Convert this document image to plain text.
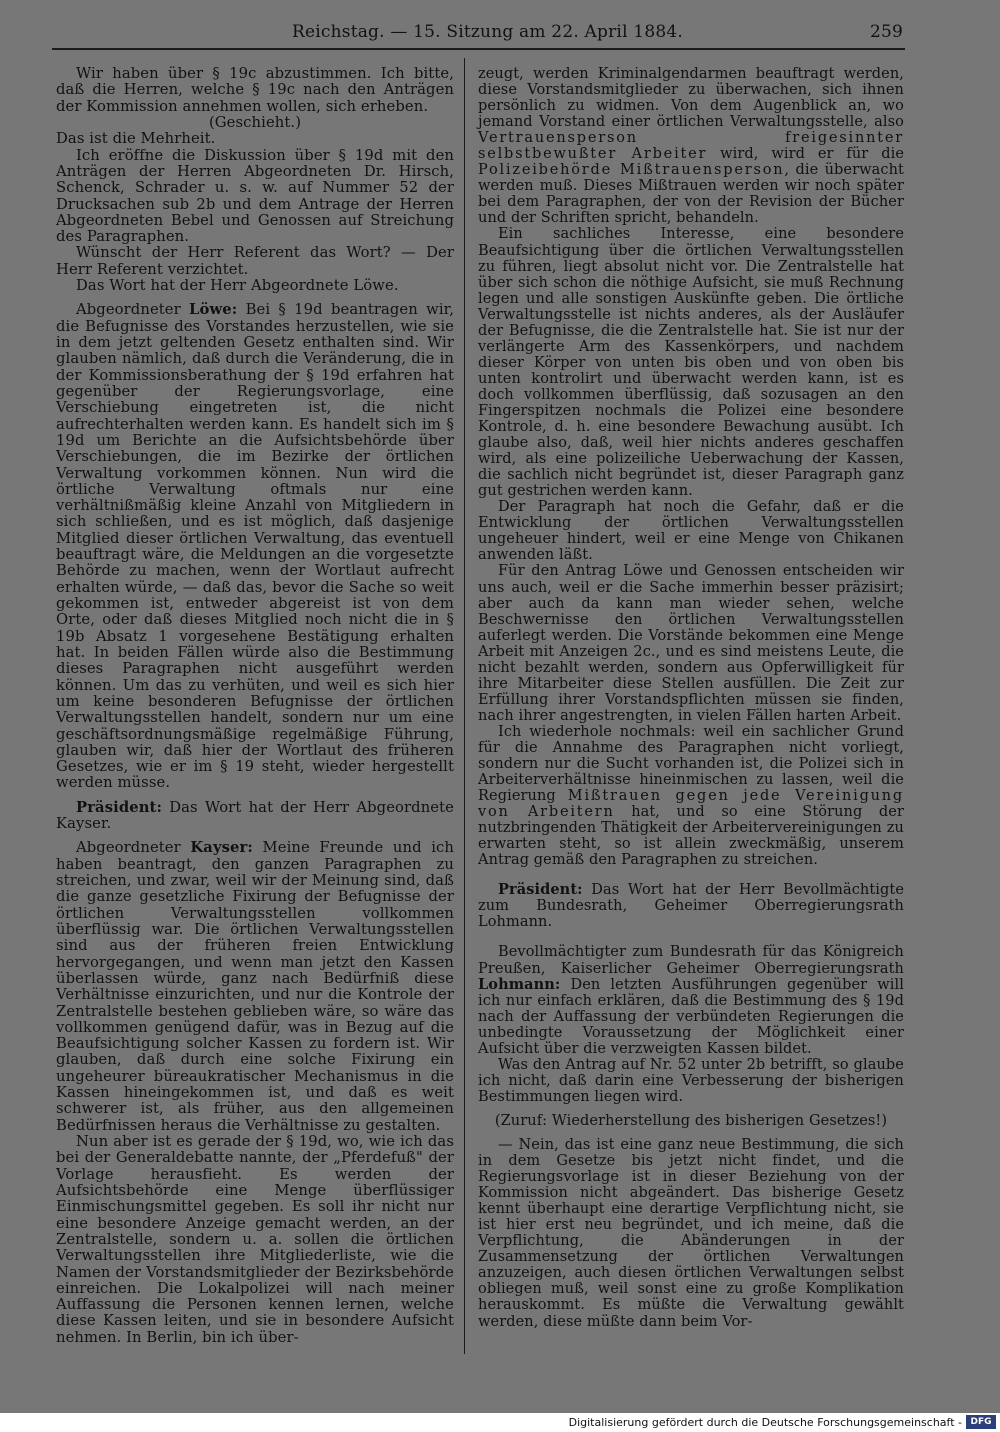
Reichstag. — 15. Sitzung am 22. April 1884.	259

Wir haben über § 19c abzustimmen. Ich bitte, daß die Herren, welche § 19c nach den Anträgen der Kommission annehmen wollen, sich erheben.

(Geschieht.)

Das ist die Mehrheit.

Ich eröffne die Diskussion über § 19d mit den Anträgen der Herren Abgeordneten Dr. Hirsch, Schenck, Schrader u. s. w. auf Nummer 52 der Drucksachen sub 2b und dem Antrage der Herren Abgeordneten Bebel und Genossen auf Streichung des Paragraphen.

Wünscht der Herr Referent das Wort? — Der Herr Referent verzichtet.

Das Wort hat der Herr Abgeordnete Löwe.

Abgeordneter Löwe: Bei § 19d beantragen wir, die Befugnisse des Vorstandes herzustellen, wie sie in dem jetzt geltenden Gesetz enthalten sind. Wir glauben nämlich, daß durch die Veränderung, die in der Kommissionsberathung der § 19d erfahren hat gegenüber der Regierungsvorlage, eine Verschiebung eingetreten ist, die nicht aufrechterhalten werden kann. Es handelt sich im § 19d um Berichte an die Aufsichtsbehörde über Verschiebungen, die im Bezirke der örtlichen Verwaltung vorkommen können. Nun wird die örtliche Verwaltung oftmals nur eine verhältnißmäßig kleine Anzahl von Mitgliedern in sich schließen, und es ist möglich, daß dasjenige Mitglied dieser örtlichen Verwaltung, das eventuell beauftragt wäre, die Meldungen an die vorgesetzte Behörde zu machen, wenn der Wortlaut aufrecht erhalten würde, — daß das, bevor die Sache so weit gekommen ist, entweder abgereist ist von dem Orte, oder daß dieses Mitglied noch nicht die in § 19b Absatz 1 vorgesehene Bestätigung erhalten hat. In beiden Fällen würde also die Bestimmung dieses Paragraphen nicht ausgeführt werden können. Um das zu verhüten, und weil es sich hier um keine besonderen Befugnisse der örtlichen Verwaltungsstellen handelt, sondern nur um eine geschäftsordnungsmäßige regelmäßige Führung, glauben wir, daß hier der Wortlaut des früheren Gesetzes, wie er im § 19 steht, wieder hergestellt werden müsse.

Präsident: Das Wort hat der Herr Abgeordnete Kayser.

Abgeordneter Kayser: Meine Freunde und ich haben beantragt, den ganzen Paragraphen zu streichen, und zwar, weil wir der Meinung sind, daß die ganze gesetzliche Fixirung der Befugnisse der örtlichen Verwaltungsstellen vollkommen überflüssig war. Die örtlichen Verwaltungsstellen sind aus der früheren freien Entwicklung hervorgegangen, und wenn man jetzt den Kassen überlassen würde, ganz nach Bedürfniß diese Verhältnisse einzurichten, und nur die Kontrole der Zentralstelle bestehen geblieben wäre, so wäre das vollkommen genügend dafür, was in Bezug auf die Beaufsichtigung solcher Kassen zu fordern ist. Wir glauben, daß durch eine solche Fixirung ein ungeheurer büreaukratischer Mechanismus in die Kassen hineingekommen ist, und daß es weit schwerer ist, als früher, aus den allgemeinen Bedürfnissen heraus die Verhältnisse zu gestalten.

Nun aber ist es gerade der § 19d, wo, wie ich das bei der Generaldebatte nannte, der „Pferdefuß" der Vorlage herausfieht. Es werden der Aufsichtsbehörde eine Menge überflüssiger Einmischungsmittel gegeben. Es soll ihr nicht nur eine besondere Anzeige gemacht werden, an der Zentralstelle, sondern u. a. sollen die örtlichen Verwaltungsstellen ihre Mitgliederliste, wie die Namen der Vorstandsmitglieder der Bezirksbehörde einreichen. Die Lokalpolizei will nach meiner Auffassung die Personen kennen lernen, welche diese Kassen leiten, und sie in besondere Aufsicht nehmen. In Berlin, bin ich über-

zeugt, werden Kriminalgendarmen beauftragt werden, diese Vorstandsmitglieder zu überwachen, sich ihnen persönlich zu widmen. Von dem Augenblick an, wo jemand Vorstand einer örtlichen Verwaltungsstelle, also Vertrauensperson freigesinnter selbstbewußter Arbeiter wird, wird er für die Polizeibehörde Mißtrauensperson, die überwacht werden muß. Dieses Mißtrauen werden wir noch später bei dem Paragraphen, der von der Revision der Bücher und der Schriften spricht, behandeln.

Ein sachliches Interesse, eine besondere Beaufsichtigung über die örtlichen Verwaltungsstellen zu führen, liegt absolut nicht vor. Die Zentralstelle hat über sich schon die nöthige Aufsicht, sie muß Rechnung legen und alle sonstigen Auskünfte geben. Die örtliche Verwaltungsstelle ist nichts anderes, als der Ausläufer der Befugnisse, die die Zentralstelle hat. Sie ist nur der verlängerte Arm des Kassenkörpers, und nachdem dieser Körper von unten bis oben und von oben bis unten kontrolirt und überwacht werden kann, ist es doch vollkommen überflüssig, daß sozusagen an den Fingerspitzen nochmals die Polizei eine besondere Kontrole, d. h. eine besondere Bewachung ausübt. Ich glaube also, daß, weil hier nichts anderes geschaffen wird, als eine polizeiliche Ueberwachung der Kassen, die sachlich nicht begründet ist, dieser Paragraph ganz gut gestrichen werden kann.

Der Paragraph hat noch die Gefahr, daß er die Entwicklung der örtlichen Verwaltungsstellen ungeheuer hindert, weil er eine Menge von Chikanen anwenden läßt.

Für den Antrag Löwe und Genossen entscheiden wir uns auch, weil er die Sache immerhin besser präzisirt; aber auch da kann man wieder sehen, welche Beschwernisse den örtlichen Verwaltungsstellen auferlegt werden. Die Vorstände bekommen eine Menge Arbeit mit Anzeigen 2c., und es sind meistens Leute, die nicht bezahlt werden, sondern aus Opferwilligkeit für ihre Mitarbeiter diese Stellen ausfüllen. Die Zeit zur Erfüllung ihrer Vorstandspflichten müssen sie finden, nach ihrer angestrengten, in vielen Fällen harten Arbeit.

Ich wiederhole nochmals: weil ein sachlicher Grund für die Annahme des Paragraphen nicht vorliegt, sondern nur die Sucht vorhanden ist, die Polizei sich in Arbeiterverhältnisse hineinmischen zu lassen, weil die Regierung Mißtrauen gegen jede Vereinigung von Arbeitern hat, und so eine Störung der nutzbringenden Thätigkeit der Arbeitervereinigungen zu erwarten steht, so ist allein zweckmäßig, unserem Antrag gemäß den Paragraphen zu streichen.

Präsident: Das Wort hat der Herr Bevollmächtigte zum Bundesrath, Geheimer Oberregierungsrath Lohmann.

Bevollmächtigter zum Bundesrath für das Königreich Preußen, Kaiserlicher Geheimer Oberregierungsrath Lohmann: Den letzten Ausführungen gegenüber will ich nur einfach erklären, daß die Bestimmung des § 19d nach der Auffassung der verbündeten Regierungen die unbedingte Voraussetzung der Möglichkeit einer Aufsicht über die verzweigten Kassen bildet.

Was den Antrag auf Nr. 52 unter 2b betrifft, so glaube ich nicht, daß darin eine Verbesserung der bisherigen Bestimmungen liegen wird.

(Zuruf: Wiederherstellung des bisherigen Gesetzes!)

— Nein, das ist eine ganz neue Bestimmung, die sich in dem Gesetze bis jetzt nicht findet, und die Regierungsvorlage ist in dieser Beziehung von der Kommission nicht abgeändert. Das bisherige Gesetz kennt überhaupt eine derartige Verpflichtung nicht, sie ist hier erst neu begründet, und ich meine, daß die Verpflichtung, die Abänderungen in der Zusammensetzung der örtlichen Verwaltungen anzuzeigen, auch diesen örtlichen Verwaltungen selbst obliegen muß, weil sonst eine zu große Komplikation herauskommt. Es müßte die Verwaltung gewählt werden, diese müßte dann beim Vor-

Digitalisierung gefördert durch die Deutsche Forschungsgemeinschaft - DFG
